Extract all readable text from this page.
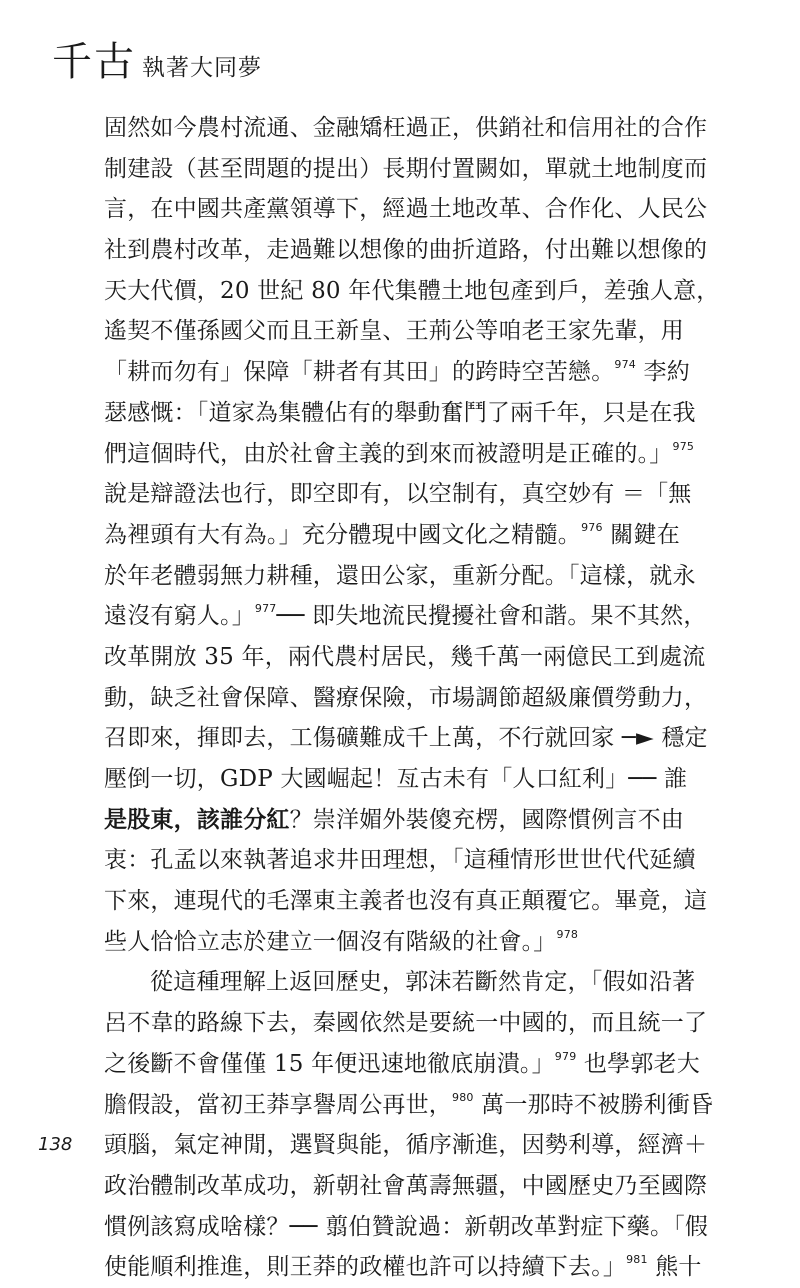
千古 執著大同夢
固然如今農村流通、金融矯枉過正，供銷社和信用社的合作
制建設（甚至問題的提出）長期付置闕如，單就土地制度而
言，在中國共產黨領導下，經過土地改革、合作化、人民公
社到農村改革，走過難以想像的曲折道路，付出難以想像的
天大代價，20 世紀 80 年代集體土地包產到戶，差強人意，
遙契不僅孫國父而且王新皇、王荊公等咱老王家先輩，用
「耕而勿有」保障「耕者有其田」的跨時空苦戀。$^{974}$ 李約
瑟感慨：「道家為集體佔有的舉動奮鬥了兩千年，只是在我
們這個時代，由於社會主義的到來而被證明是正確的。」$^{975}$
說是辯證法也行，即空即有，以空制有，真空妙有 ＝「無
為裡頭有大有為。」充分體現中國文化之精髓。$^{976}$ 關鍵在
於年老體弱無力耕種，還田公家，重新分配。「這樣，就永
遠沒有窮人。」$^{977}$── 即失地流民攪擾社會和諧。果不其然，
改革開放 35 年，兩代農村居民，幾千萬一兩億民工到處流
動，缺乏社會保障、醫療保險，市場調節超級廉價勞動力，
召即來，揮即去，工傷礦難成千上萬，不行就回家 ─► 穩定
壓倒一切，GDP 大國崛起！亙古未有「人口紅利」── 誰
是股東，該誰分紅？崇洋媚外裝傻充楞，國際慣例言不由
衷：孔孟以來執著追求井田理想，「這種情形世世代代延續
下來，連現代的毛澤東主義者也沒有真正顛覆它。畢竟，這
些人恰恰立志於建立一個沒有階級的社會。」$^{978}$
從這種理解上返回歷史，郭沫若斷然肯定，「假如沿著
呂不韋的路線下去，秦國依然是要統一中國的，而且統一了
之後斷不會僅僅 15 年便迅速地徹底崩潰。」$^{979}$ 也學郭老大
膽假設，當初王莽享譽周公再世，$^{980}$ 萬一那時不被勝利衝昏
頭腦，氣定神閒，選賢與能，循序漸進，因勢利導，經濟＋
政治體制改革成功，新朝社會萬壽無疆，中國歷史乃至國際
慣例該寫成啥樣？── 翦伯贊說過：新朝改革對症下藥。「假
使能順利推進，則王莽的政權也許可以持續下去。」$^{981}$ 熊十
138
